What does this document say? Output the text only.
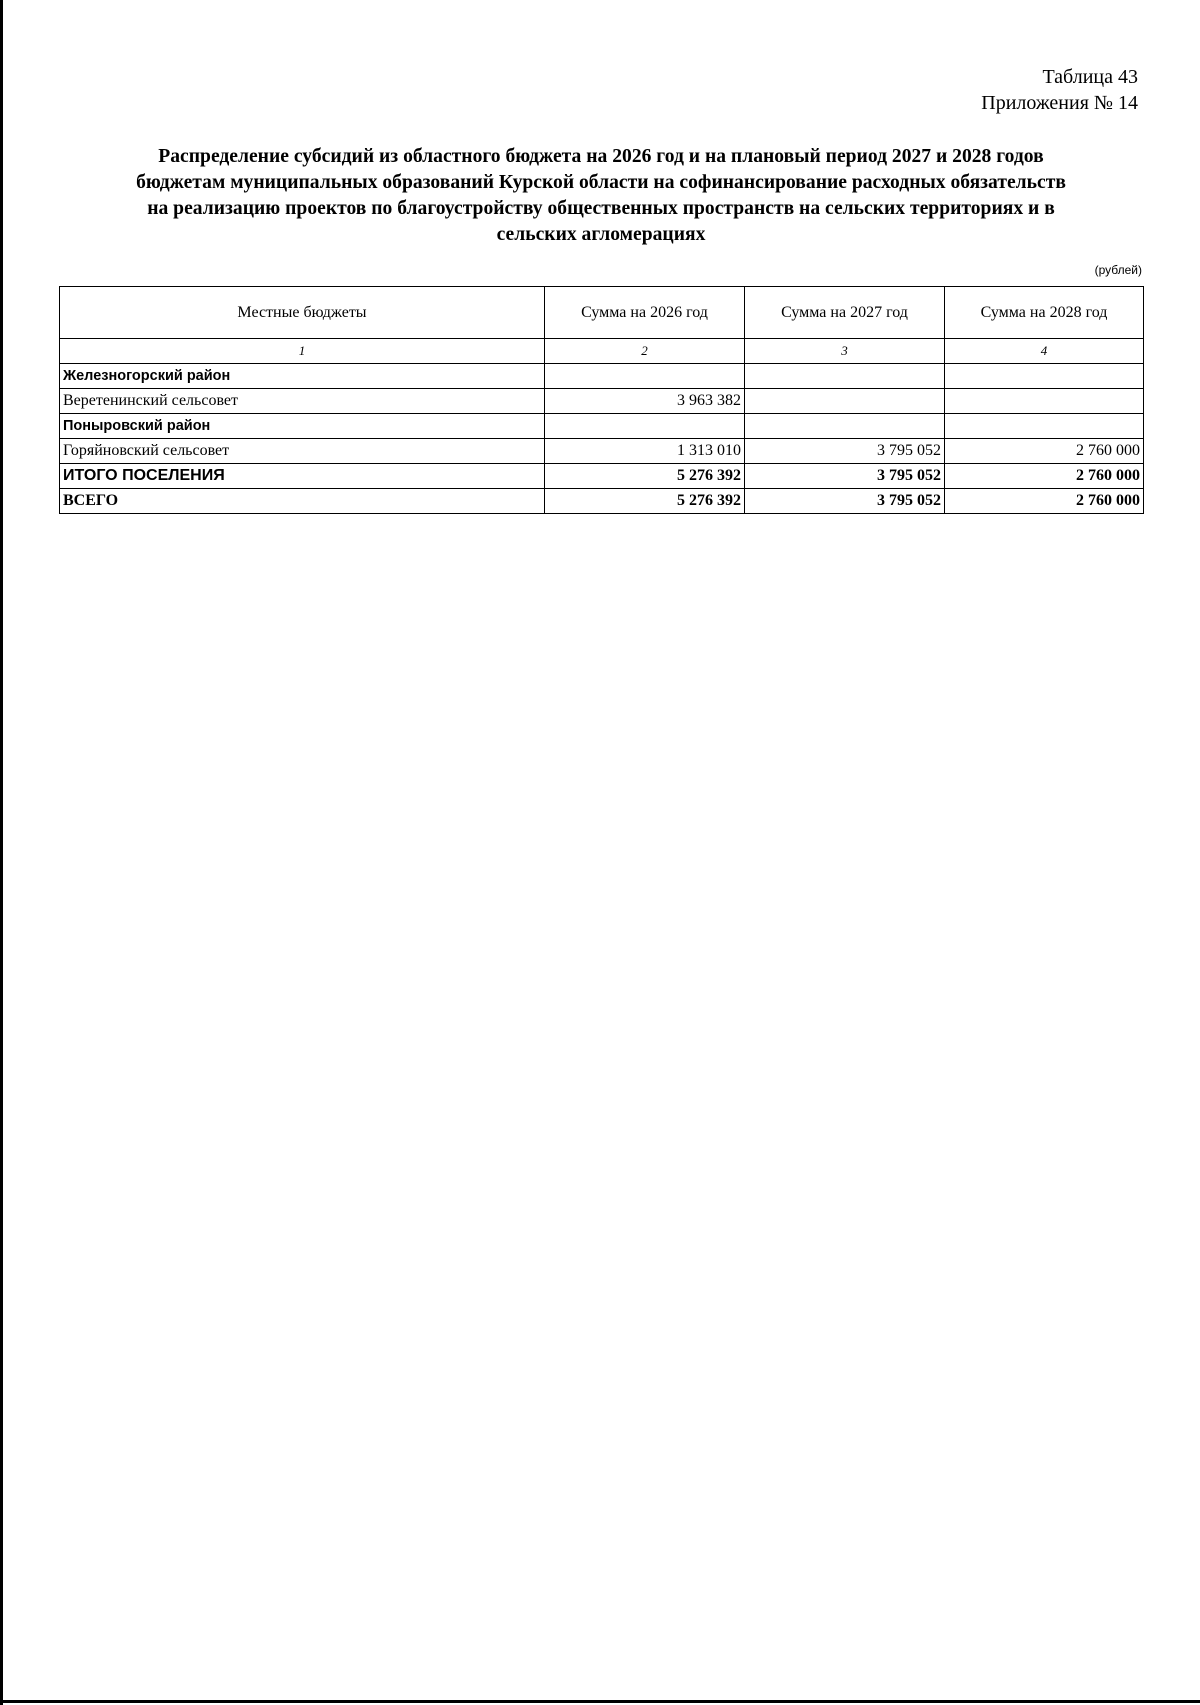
Таблица 43
Приложения № 14
Распределение субсидий из областного бюджета на 2026 год и на плановый период 2027 и 2028 годов
бюджетам муниципальных образований Курской области на софинансирование расходных обязательств
на реализацию проектов по благоустройству общественных пространств на сельских территориях и в
сельских агломерациях
(рублей)
Местные бюджеты	Сумма на 2026 год	Сумма на 2027 год	Сумма на 2028 год
1	2	3	4
Железногорский район			
Веретенинский сельсовет	3 963 382		
Поныровский район			
Горяйновский сельсовет	1 313 010	3 795 052	2 760 000
ИТОГО ПОСЕЛЕНИЯ	5 276 392	3 795 052	2 760 000
ВСЕГО	5 276 392	3 795 052	2 760 000
